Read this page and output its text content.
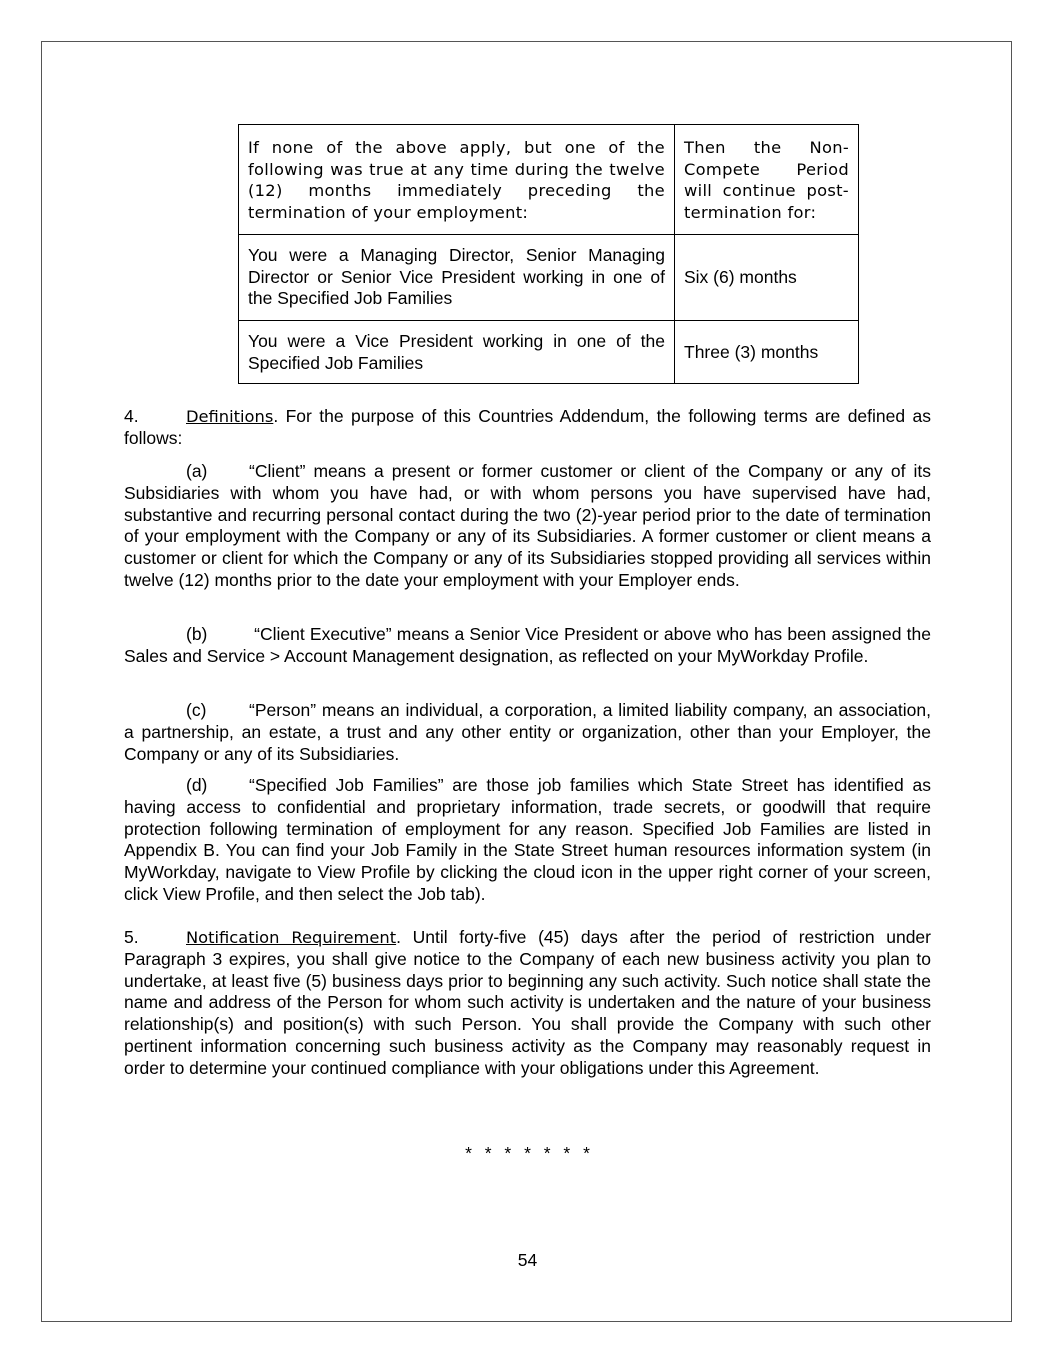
If none of the above apply, but one of the following was true at any time during the twelve (12) months immediately preceding the termination of your employment:	Then the Non-Compete Period will continue post-termination for:
You were a Managing Director, Senior Managing Director or Senior Vice President working in one of the Specified Job Families	Six (6) months
You were a Vice President working in one of the Specified Job Families	Three (3) months
4.	Definitions. For the purpose of this Countries Addendum, the following terms are defined as follows:
(a) “Client” means a present or former customer or client of the Company or any of its Subsidiaries with whom you have had, or with whom persons you have supervised have had, substantive and recurring personal contact during the two (2)-year period prior to the date of termination of your employment with the Company or any of its Subsidiaries. A former customer or client means a customer or client for which the Company or any of its Subsidiaries stopped providing all services within twelve (12) months prior to the date your employment with your Employer ends.
(b) “Client Executive” means a Senior Vice President or above who has been assigned the Sales and Service > Account Management designation, as reflected on your MyWorkday Profile.
(c) “Person” means an individual, a corporation, a limited liability company, an association, a partnership, an estate, a trust and any other entity or organization, other than your Employer, the Company or any of its Subsidiaries.
(d) “Specified Job Families” are those job families which State Street has identified as having access to confidential and proprietary information, trade secrets, or goodwill that require protection following termination of employment for any reason. Specified Job Families are listed in Appendix B. You can find your Job Family in the State Street human resources information system (in MyWorkday, navigate to View Profile by clicking the cloud icon in the upper right corner of your screen, click View Profile, and then select the Job tab).
5.	Notification Requirement. Until forty-five (45) days after the period of restriction under Paragraph 3 expires, you shall give notice to the Company of each new business activity you plan to undertake, at least five (5) business days prior to beginning any such activity. Such notice shall state the name and address of the Person for whom such activity is undertaken and the nature of your business relationship(s) and position(s) with such Person. You shall provide the Company with such other pertinent information concerning such business activity as the Company may reasonably request in order to determine your continued compliance with your obligations under this Agreement.
* * * * * * *
54
